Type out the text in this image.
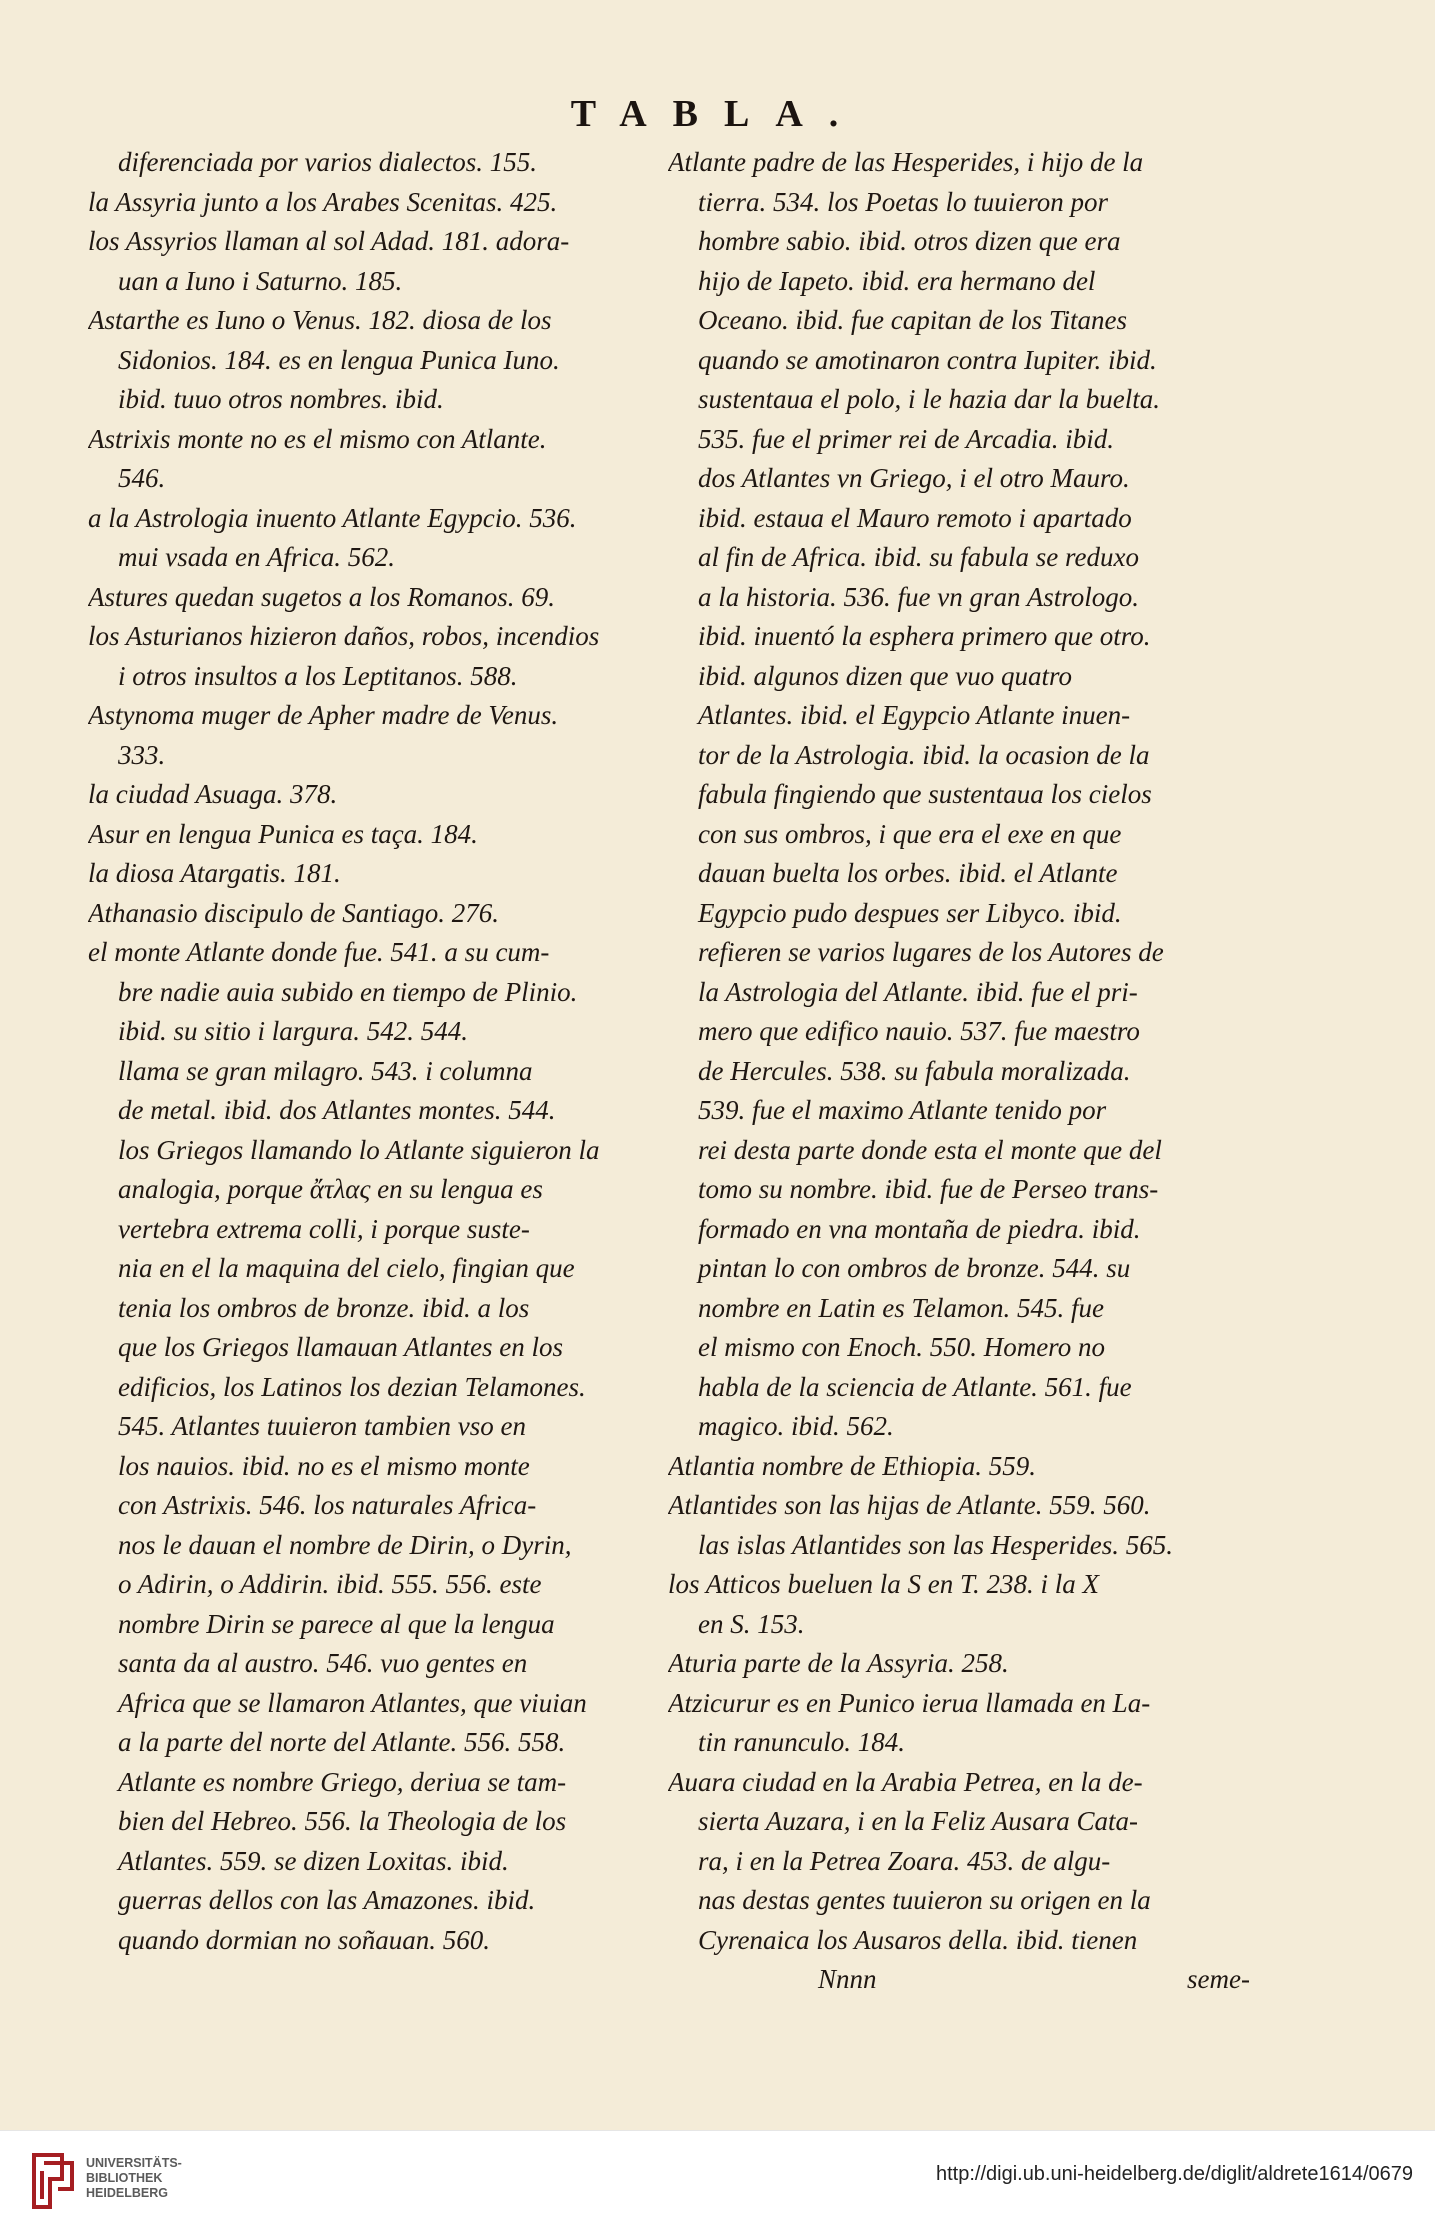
TABLA.
diferenciada por varios dialectos. 155.
la Assyria junto a los Arabes Scenitas. 425.
los Assyrios llaman al sol Adad. 181. adora-
uan a Iuno i Saturno. 185.
Astarthe es Iuno o Venus. 182. diosa de los
Sidonios. 184. es en lengua Punica Iuno.
ibid. tuuo otros nombres. ibid.
Astrixis monte no es el mismo con Atlante.
546.
a la Astrologia inuento Atlante Egypcio. 536.
mui vsada en Africa. 562.
Astures quedan sugetos a los Romanos. 69.
los Asturianos hizieron daños, robos, incendios
i otros insultos a los Leptitanos. 588.
Astynoma muger de Apher madre de Venus.
333.
la ciudad Asuaga. 378.
Asur en lengua Punica es taça. 184.
la diosa Atargatis. 181.
Athanasio discipulo de Santiago. 276.
el monte Atlante donde fue. 541. a su cum-
bre nadie auia subido en tiempo de Plinio.
ibid. su sitio i largura. 542. 544.
llama se gran milagro. 543. i columna
de metal. ibid. dos Atlantes montes. 544.
los Griegos llamando lo Atlante siguieron la
analogia, porque ἄτλας en su lengua es
vertebra extrema colli, i porque suste-
nia en el la maquina del cielo, fingian que
tenia los ombros de bronze. ibid. a los
que los Griegos llamauan Atlantes en los
edificios, los Latinos los dezian Telamones.
545. Atlantes tuuieron tambien vso en
los nauios. ibid. no es el mismo monte
con Astrixis. 546. los naturales Africa-
nos le dauan el nombre de Dirin, o Dyrin,
o Adirin, o Addirin. ibid. 555. 556. este
nombre Dirin se parece al que la lengua
santa da al austro. 546. vuo gentes en
Africa que se llamaron Atlantes, que viuian
a la parte del norte del Atlante. 556. 558.
Atlante es nombre Griego, deriua se tam-
bien del Hebreo. 556. la Theologia de los
Atlantes. 559. se dizen Loxitas. ibid.
guerras dellos con las Amazones. ibid.
quando dormian no soñauan. 560.
Atlante padre de las Hesperides, i hijo de la
tierra. 534. los Poetas lo tuuieron por
hombre sabio. ibid. otros dizen que era
hijo de Iapeto. ibid. era hermano del
Oceano. ibid. fue capitan de los Titanes
quando se amotinaron contra Iupiter. ibid.
sustentaua el polo, i le hazia dar la buelta.
535. fue el primer rei de Arcadia. ibid.
dos Atlantes vn Griego, i el otro Mauro.
ibid. estaua el Mauro remoto i apartado
al fin de Africa. ibid. su fabula se reduxo
a la historia. 536. fue vn gran Astrologo.
ibid. inuentó la esphera primero que otro.
ibid. algunos dizen que vuo quatro
Atlantes. ibid. el Egypcio Atlante inuen-
tor de la Astrologia. ibid. la ocasion de la
fabula fingiendo que sustentaua los cielos
con sus ombros, i que era el exe en que
dauan buelta los orbes. ibid. el Atlante
Egypcio pudo despues ser Libyco. ibid.
refieren se varios lugares de los Autores de
la Astrologia del Atlante. ibid. fue el pri-
mero que edifico nauio. 537. fue maestro
de Hercules. 538. su fabula moralizada.
539. fue el maximo Atlante tenido por
rei desta parte donde esta el monte que del
tomo su nombre. ibid. fue de Perseo trans-
formado en vna montaña de piedra. ibid.
pintan lo con ombros de bronze. 544. su
nombre en Latin es Telamon. 545. fue
el mismo con Enoch. 550. Homero no
habla de la sciencia de Atlante. 561. fue
magico. ibid. 562.
Atlantia nombre de Ethiopia. 559.
Atlantides son las hijas de Atlante. 559. 560.
las islas Atlantides son las Hesperides. 565.
los Atticos bueluen la S en T. 238. i la X
en S. 153.
Aturia parte de la Assyria. 258.
Atzicurur es en Punico ierua llamada en La-
tin ranunculo. 184.
Auara ciudad en la Arabia Petrea, en la de-
sierta Auzara, i en la Feliz Ausara Cata-
ra, i en la Petrea Zoara. 453. de algu-
nas destas gentes tuuieron su origen en la
Cyrenaica los Ausaros della. ibid. tienen
Nnnn	seme-
UNIVERSITÄTS-
BIBLIOTHEK
HEIDELBERG
http://digi.ub.uni-heidelberg.de/diglit/aldrete1614/0679
